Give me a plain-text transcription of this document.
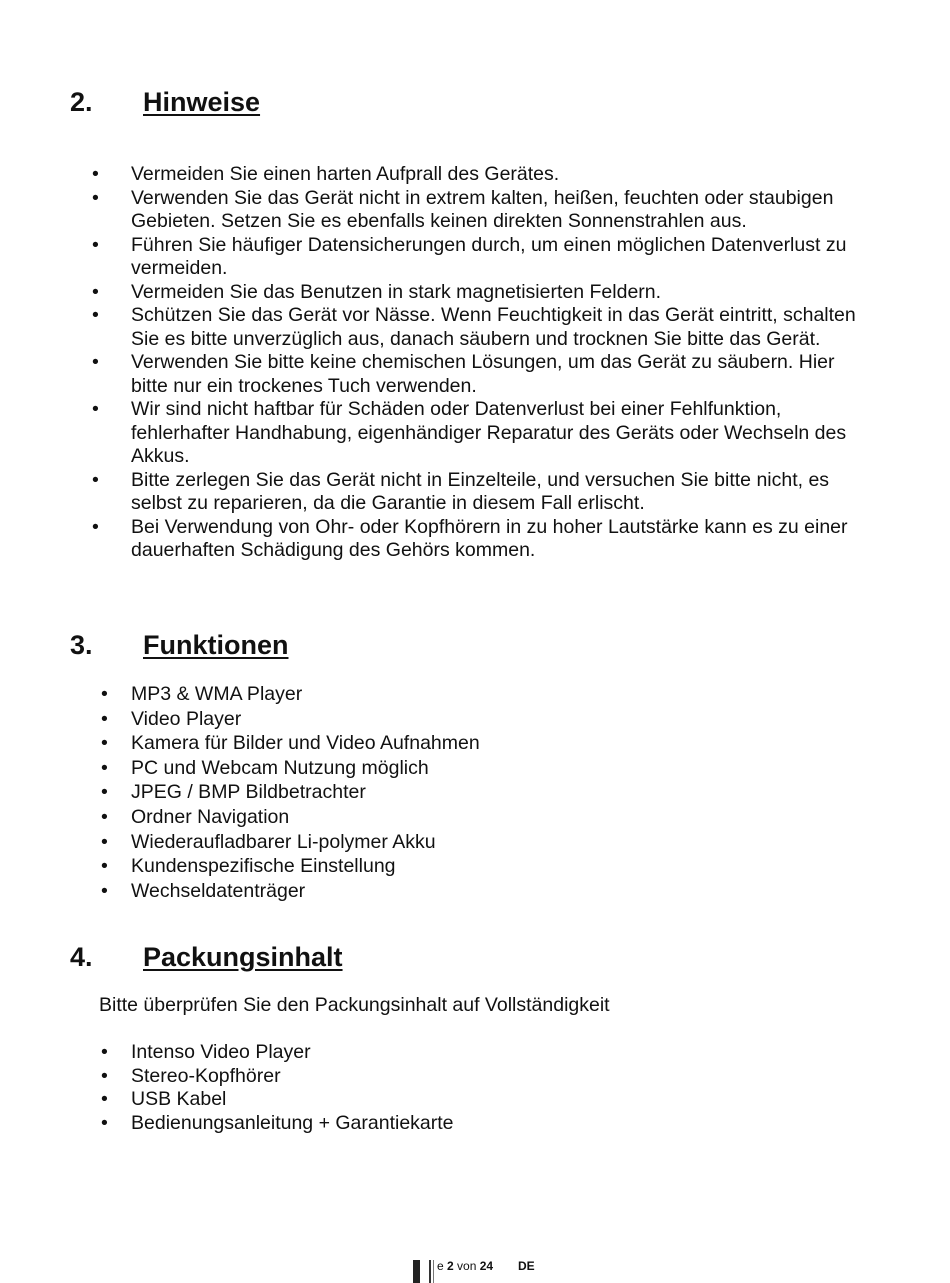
2. Hinweise
• Vermeiden Sie einen harten Aufprall des Gerätes.
• Verwenden Sie das Gerät nicht in extrem kalten, heißen, feuchten oder staubigen Gebieten. Setzen Sie es ebenfalls keinen direkten Sonnenstrahlen aus.
• Führen Sie häufiger Datensicherungen durch, um einen möglichen Datenverlust zu vermeiden.
• Vermeiden Sie das Benutzen in stark magnetisierten Feldern.
• Schützen Sie das Gerät vor Nässe. Wenn Feuchtigkeit in das Gerät eintritt, schalten Sie es bitte unverzüglich aus, danach säubern und trocknen Sie bitte das Gerät.
• Verwenden Sie bitte keine chemischen Lösungen, um das Gerät zu säubern. Hier bitte nur ein trockenes Tuch verwenden.
• Wir sind nicht haftbar für Schäden oder Datenverlust bei einer Fehlfunktion, fehlerhafter Handhabung, eigenhändiger Reparatur des Geräts oder Wechseln des Akkus.
• Bitte zerlegen Sie das Gerät nicht in Einzelteile, und versuchen Sie bitte nicht, es selbst zu reparieren, da die Garantie in diesem Fall erlischt.
• Bei Verwendung von Ohr- oder Kopfhörern in zu hoher Lautstärke kann es zu einer dauerhaften Schädigung des Gehörs kommen.
3. Funktionen
• MP3 & WMA Player
• Video Player
• Kamera für Bilder und Video Aufnahmen
• PC und Webcam Nutzung möglich
• JPEG / BMP Bildbetrachter
• Ordner Navigation
• Wiederaufladbarer Li-polymer Akku
• Kundenspezifische Einstellung
• Wechseldatenträger
4. Packungsinhalt

Bitte überprüfen Sie den Packungsinhalt auf Vollständigkeit

• Intenso Video Player
• Stereo-Kopfhörer
• USB Kabel
• Bedienungsanleitung + Garantiekarte
e 2 von 24 DE
